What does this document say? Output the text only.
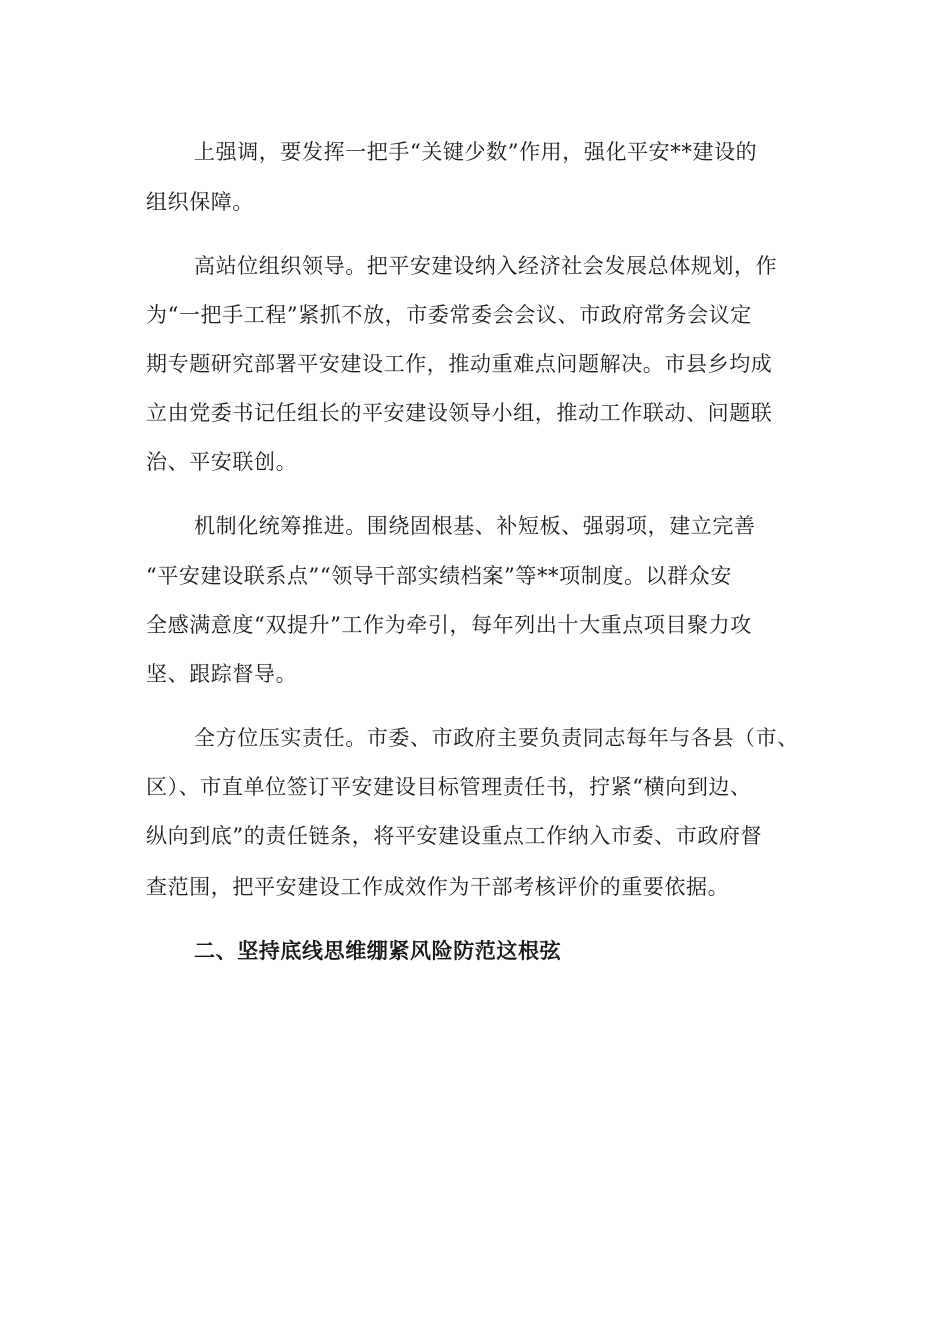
上强调，要发挥一把手“关键少数”作用，强化平安**建设的
组织保障。
高站位组织领导。把平安建设纳入经济社会发展总体规划，作
为“一把手工程”紧抓不放，市委常委会会议、市政府常务会议定
期专题研究部署平安建设工作，推动重难点问题解决。市县乡均成
立由党委书记任组长的平安建设领导小组，推动工作联动、问题联
治、平安联创。
机制化统筹推进。围绕固根基、补短板、强弱项，建立完善
“平安建设联系点”“领导干部实绩档案”等**项制度。以群众安
全感满意度“双提升”工作为牵引，每年列出十大重点项目聚力攻
坚、跟踪督导。
全方位压实责任。市委、市政府主要负责同志每年与各县（市、
区）、市直单位签订平安建设目标管理责任书，拧紧“横向到边、
纵向到底”的责任链条，将平安建设重点工作纳入市委、市政府督
查范围，把平安建设工作成效作为干部考核评价的重要依据。
二、坚持底线思维绷紧风险防范这根弦
